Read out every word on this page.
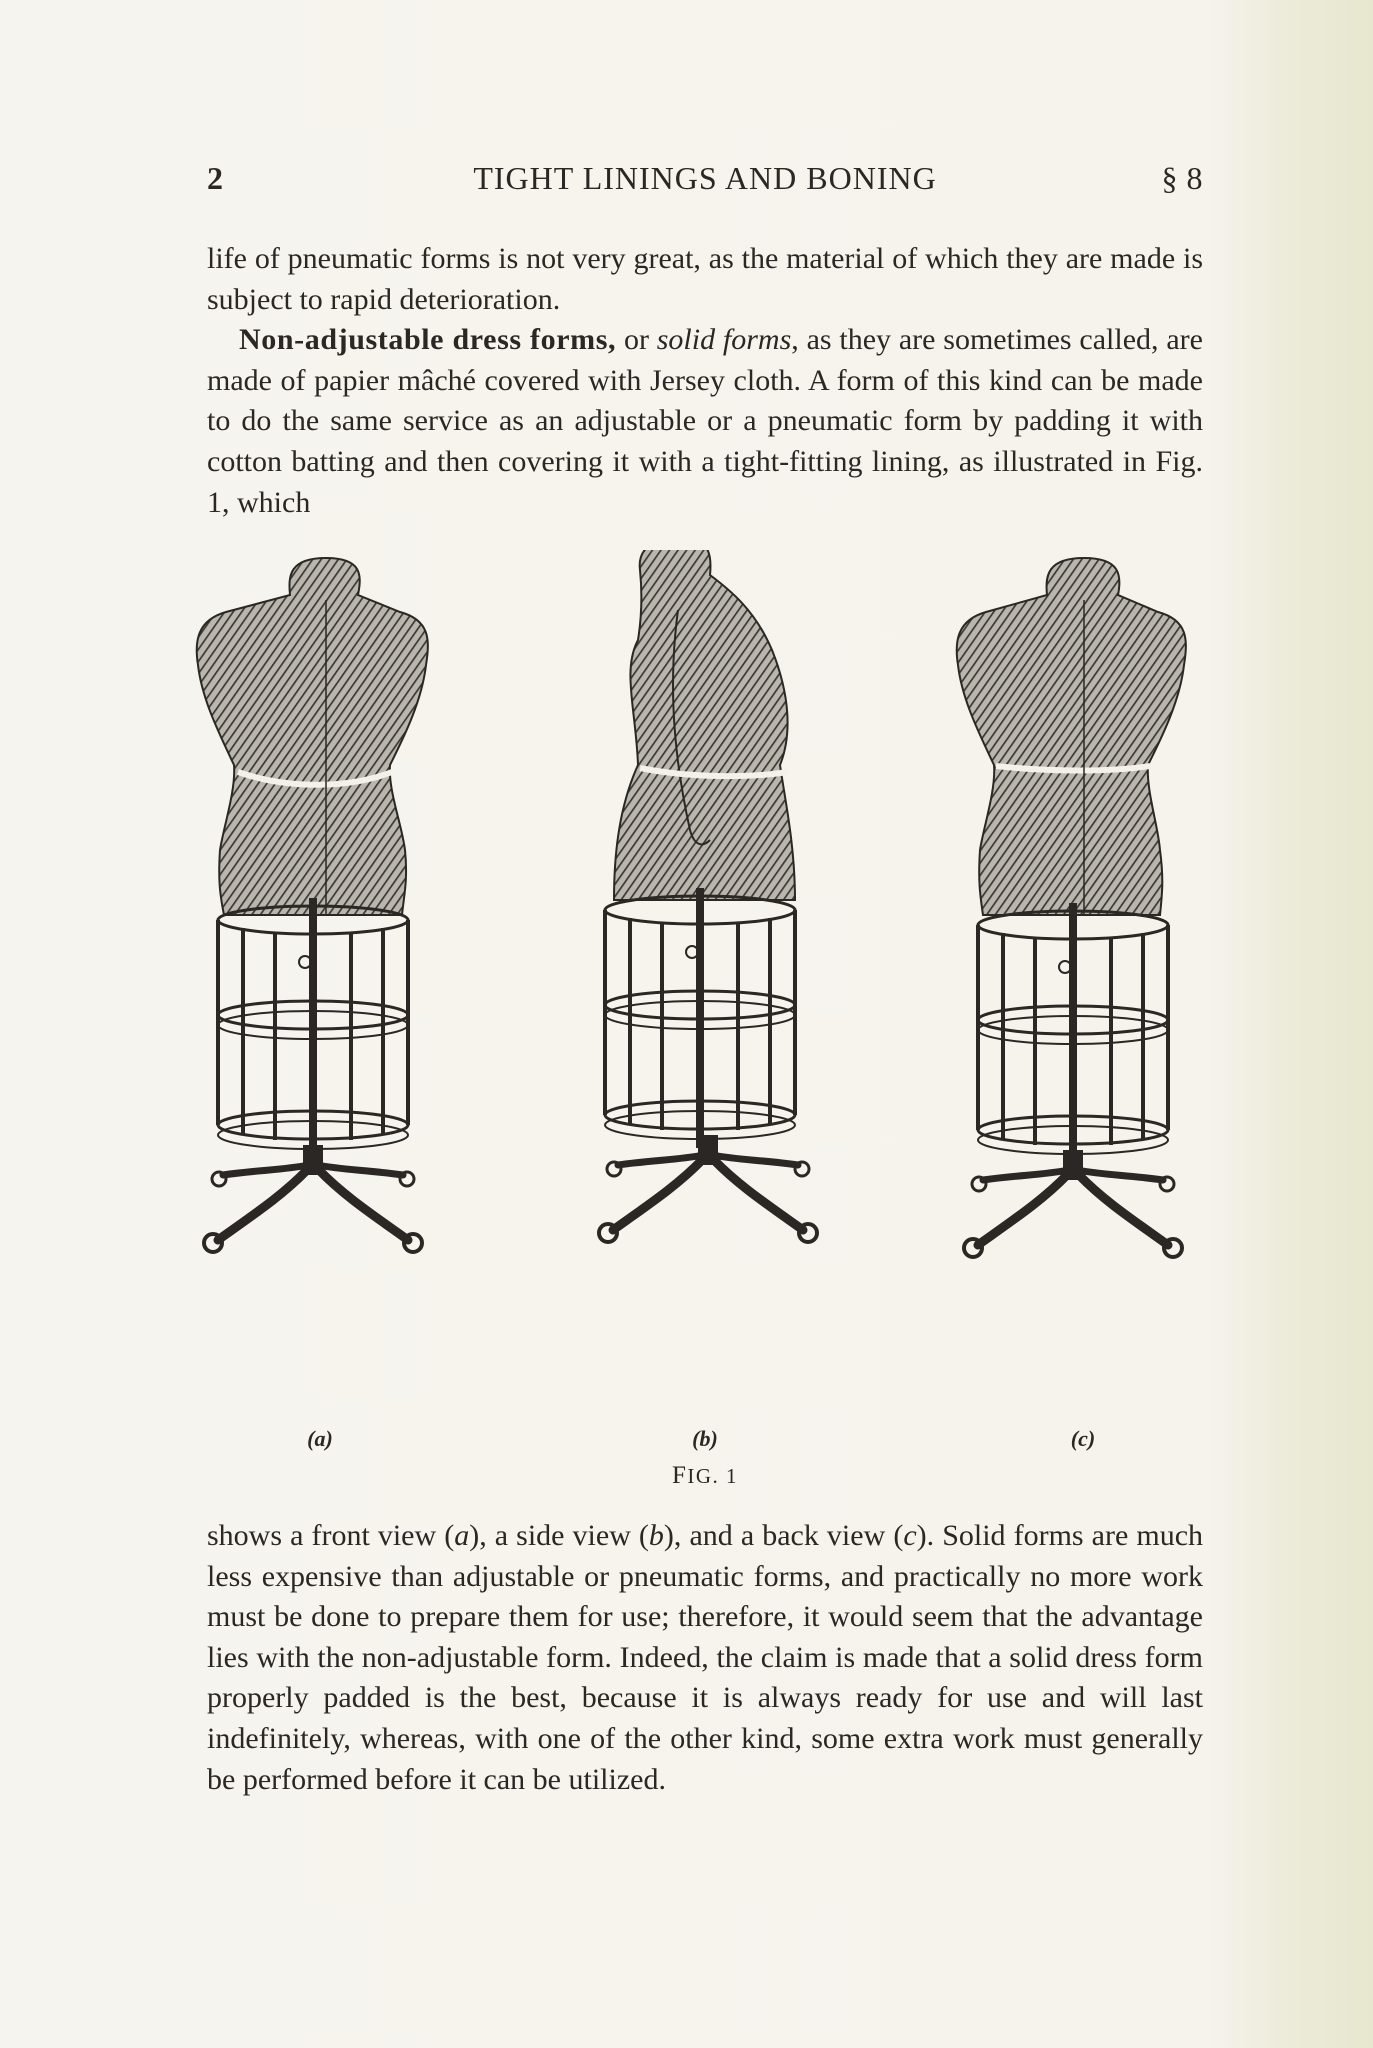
2	TIGHT LININGS AND BONING	§ 8
life of pneumatic forms is not very great, as the material of which they are made is subject to rapid deterioration.
Non-adjustable dress forms, or solid forms, as they are sometimes called, are made of papier mâché covered with Jersey cloth. A form of this kind can be made to do the same service as an adjustable or a pneumatic form by padding it with cotton batting and then covering it with a tight-fitting lining, as illustrated in Fig. 1, which
(a)	(b)	(c)
FIG. 1
shows a front view (a), a side view (b), and a back view (c). Solid forms are much less expensive than adjustable or pneumatic forms, and practically no more work must be done to prepare them for use; therefore, it would seem that the advantage lies with the non-adjustable form. Indeed, the claim is made that a solid dress form properly padded is the best, because it is always ready for use and will last indefinitely, whereas, with one of the other kind, some extra work must generally be performed before it can be utilized.
